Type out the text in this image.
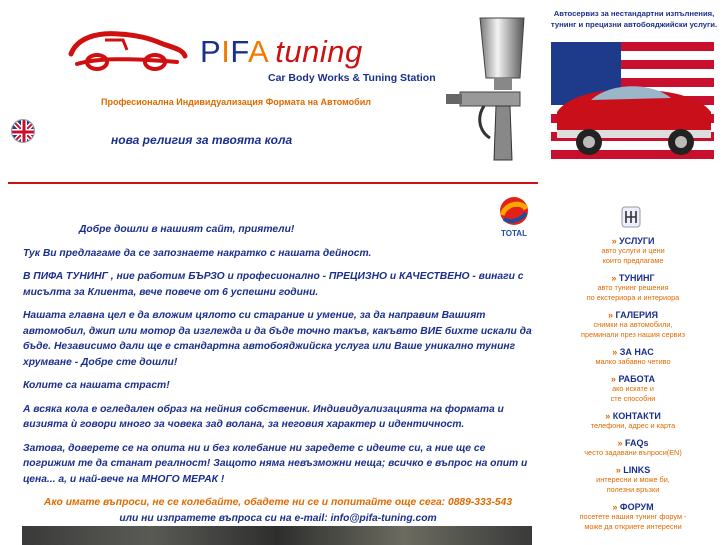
PIFA tuning
Car Body Works & Tuning Station
Професионална Индивидуализация Формата на Автомобил
нова религия за твоята кола
TOTAL

Добре дошли в нашият сайт, приятели!

Тук Ви предлагаме да се запознаете накратко с нашата дейност.

В ПИФА ТУНИНГ , ние работим БЪРЗО и професионално - ПРЕЦИЗНО и КАЧЕСТВЕНО - винаги с мисълта за Клиента, вече повече от 6 успешни години.

Нашата главна цел е да вложим цялото си старание и умение, за да направим Вашият автомобил, джип или мотор да изглежда и да бъде точно такъв, какъвто ВИЕ бихте искали да бъде. Независимо дали ще е стандартна автобояджийска услуга или Ваше уникално тунинг хрумване - Добре сте дошли!

Колите са нашата страст!

А всяка кола е огледален образ на нейния собственик. Индивидуализацията на формата и визията ѝ говори много за човека зад волана, за неговия характер и идентичност.

Затова, доверете се на опита ни и без колебание ни заредете с идеите си, а ние ще се погрижим те да станат реалност! Защото няма невъзможни неща; всичко е въпрос на опит и цена... а, и най-вече на МНОГО МЕРАК !

Ако имате въпроси, не се колебайте, обадете ни се и попитайте още сега: 0889-333-543
или ни изпратете въпроса си на e-mail: info@pifa-tuning.com
Автосервиз за нестандартни изпълнения,
тунинг и прецизни автобояджийски услуги.
» УСЛУГИ
авто услуги и цени
които предлагаме
» ТУНИНГ
авто тунинг решения
по екстериора и интериора
» ГАЛЕРИЯ
снимки на автомобили,
преминали през нашия сервиз
» ЗА НАС
малко забавно четиво
» РАБОТА
ако искате и
сте способни
» КОНТАКТИ
телефони, адрес и карта
» FAQs
често задавани въпроси(EN)
» LINKS
интересни и може би,
полезни връзки
» ФОРУМ
посетете нашия тунинг форум -
може да откриете интересни
